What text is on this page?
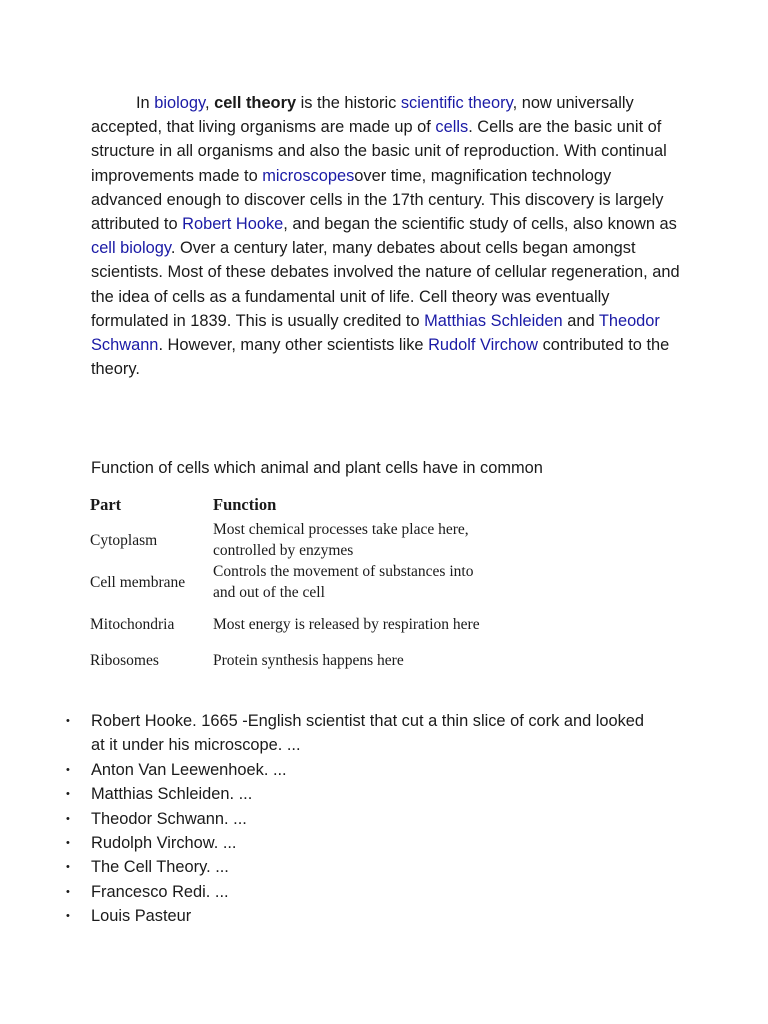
In biology, cell theory is the historic scientific theory, now universally accepted, that living organisms are made up of cells. Cells are the basic unit of structure in all organisms and also the basic unit of reproduction. With continual improvements made to microscopesover time, magnification technology advanced enough to discover cells in the 17th century. This discovery is largely attributed to Robert Hooke, and began the scientific study of cells, also known as cell biology. Over a century later, many debates about cells began amongst scientists. Most of these debates involved the nature of cellular regeneration, and the idea of cells as a fundamental unit of life. Cell theory was eventually formulated in 1839. This is usually credited to Matthias Schleiden and Theodor Schwann. However, many other scientists like Rudolf Virchow contributed to the theory.

Function of cells which animal and plant cells have in common

Part	Function
Cytoplasm	Most chemical processes take place here, controlled by enzymes
Cell membrane	Controls the movement of substances into and out of the cell
Mitochondria	Most energy is released by respiration here
Ribosomes	Protein synthesis happens here
• Robert Hooke. 1665 -English scientist that cut a thin slice of cork and looked at it under his microscope. ...
• Anton Van Leewenhoek. ...
• Matthias Schleiden. ...
• Theodor Schwann. ...
• Rudolph Virchow. ...
• The Cell Theory. ...
• Francesco Redi. ...
• Louis Pasteur
